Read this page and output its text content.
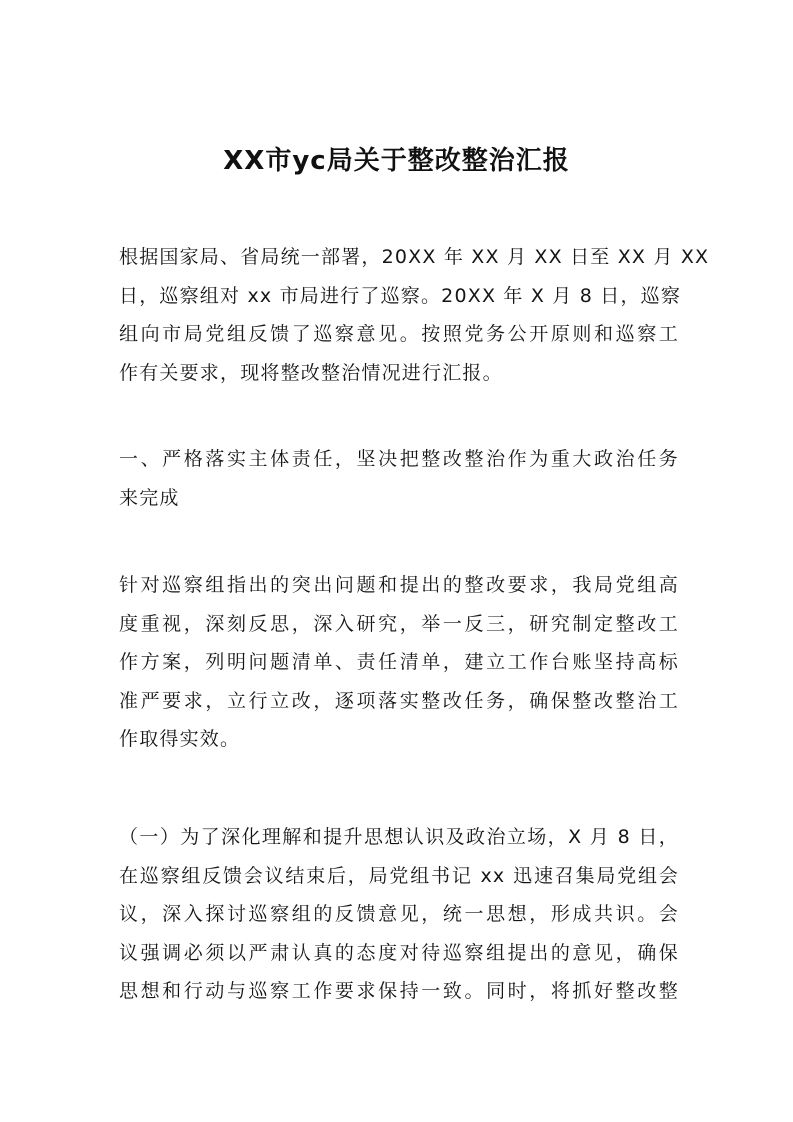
XX市yc局关于整改整治汇报

根据国家局、省局统一部署，20XX 年 XX 月 XX 日至 XX 月 XX
日，巡察组对 xx 市局进行了巡察。20XX 年 X 月 8 日，巡察
组向市局党组反馈了巡察意见。按照党务公开原则和巡察工
作有关要求，现将整改整治情况进行汇报。

一、严格落实主体责任，坚决把整改整治作为重大政治任务
来完成

针对巡察组指出的突出问题和提出的整改要求，我局党组高
度重视，深刻反思，深入研究，举一反三，研究制定整改工
作方案，列明问题清单、责任清单，建立工作台账坚持高标
准严要求，立行立改，逐项落实整改任务，确保整改整治工
作取得实效。

（一）为了深化理解和提升思想认识及政治立场，X 月 8 日，
在巡察组反馈会议结束后，局党组书记 xx 迅速召集局党组会
议，深入探讨巡察组的反馈意见，统一思想，形成共识。会
议强调必须以严肃认真的态度对待巡察组提出的意见，确保
思想和行动与巡察工作要求保持一致。同时，将抓好整改整
